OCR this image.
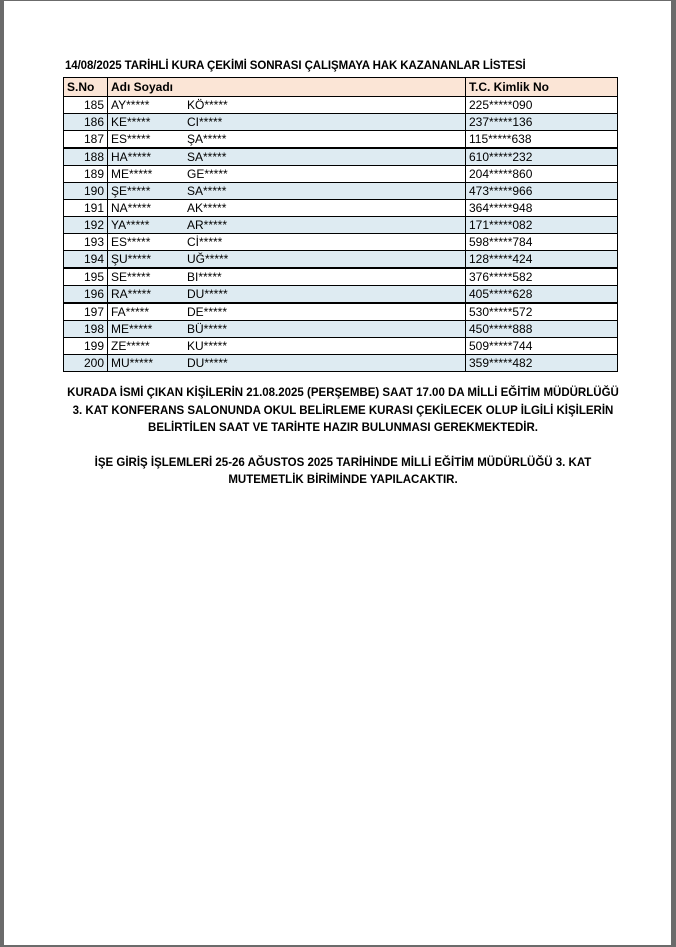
14/08/2025 TARİHLİ KURA ÇEKİMİ SONRASI ÇALIŞMAYA HAK KAZANANLAR LİSTESİ
S.No	Adı Soyadı	T.C. Kimlik No
185	AY***** KÖ*****	225*****090
186	KE***** CI*****	237*****136
187	ES***** ŞA*****	115*****638
188	HA***** SA*****	610*****232
189	ME***** GE*****	204*****860
190	ŞE***** SA*****	473*****966
191	NA***** AK*****	364*****948
192	YA***** AR*****	171*****082
193	ES***** Cİ*****	598*****784
194	ŞU***** UĞ*****	128*****424
195	SE***** BI*****	376*****582
196	RA***** DU*****	405*****628
197	FA***** DE*****	530*****572
198	ME***** BÜ*****	450*****888
199	ZE***** KU*****	509*****744
200	MU***** DU*****	359*****482

KURADA İSMİ ÇIKAN KİŞİLERİN 21.08.2025 (PERŞEMBE) SAAT 17.00 DA MİLLİ EĞİTİM MÜDÜRLÜĞÜ 3. KAT KONFERANS SALONUNDA OKUL BELİRLEME KURASI ÇEKİLECEK OLUP İLGİLİ KİŞİLERİN BELİRTİLEN SAAT VE TARİHTE HAZIR BULUNMASI GEREKMEKTEDİR.

İŞE GİRİŞ İŞLEMLERİ 25-26 AĞUSTOS 2025 TARİHİNDE MİLLİ EĞİTİM MÜDÜRLÜĞÜ 3. KAT MUTEMETLİK BİRİMİNDE YAPILACAKTIR.
